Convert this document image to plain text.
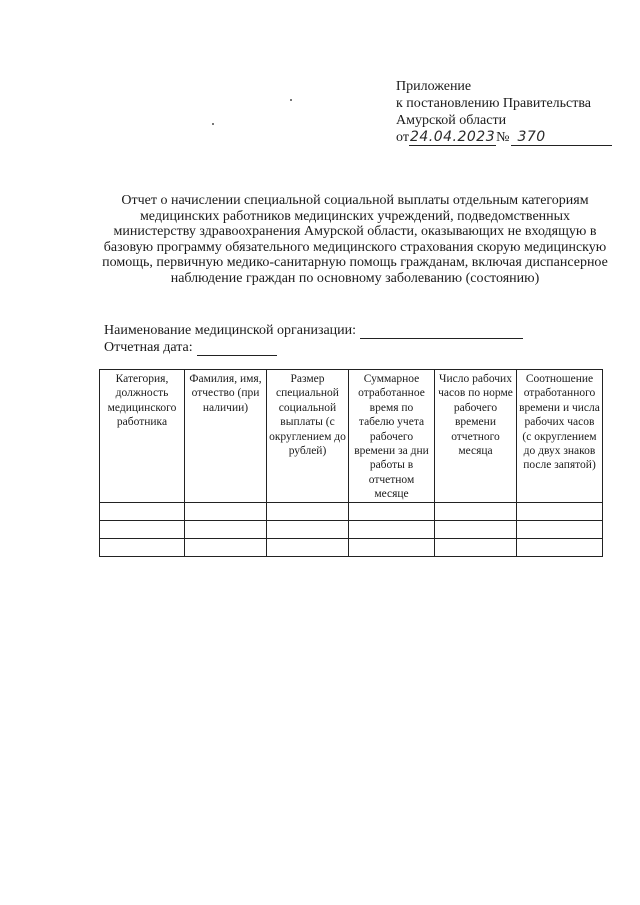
Приложение
к постановлению Правительства
Амурской области
от 24.04.2023 № 370
Отчет о начислении специальной социальной выплаты отдельным категориям медицинских работников медицинских учреждений, подведомственных министерству здравоохранения Амурской области, оказывающих не входящую в базовую программу обязательного медицинского страхования скорую медицинскую помощь, первичную медико-санитарную помощь гражданам, включая диспансерное наблюдение граждан по основному заболеванию (состоянию)
Наименование медицинской организации:
Отчетная дата:
Категория, должность медицинского работника	Фамилия, имя, отчество (при наличии)	Размер специальной социальной выплаты (с округлением до рублей)	Суммарное отработанное время по табелю учета рабочего времени за дни работы в отчетном месяце	Число рабочих часов по норме рабочего времени отчетного месяца	Соотношение отработанного времени и числа рабочих часов (с округлением до двух знаков после запятой)
